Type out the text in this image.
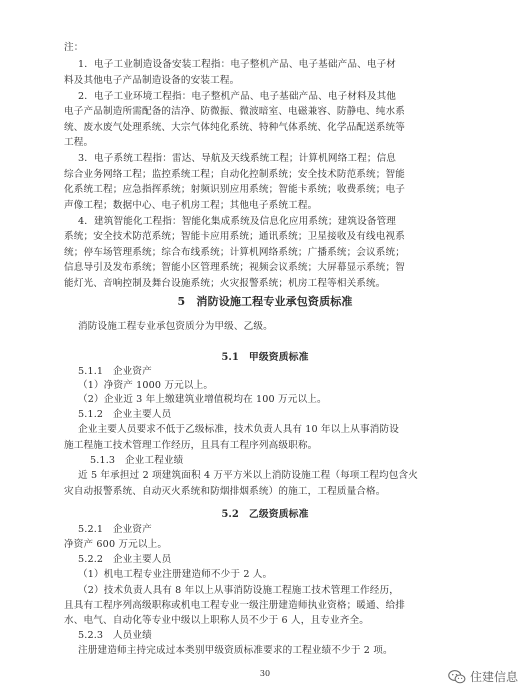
注：
1．电子工业制造设备安装工程指：电子整机产品、电子基础产品、电子材
料及其他电子产品制造设备的安装工程。
2．电子工业环境工程指：电子整机产品、电子基础产品、电子材料及其他
电子产品制造所需配备的洁净、防微振、微波暗室、电磁兼容、防静电、纯水系
统、废水废气处理系统、大宗气体纯化系统、特种气体系统、化学品配送系统等
工程。
3．电子系统工程指：雷达、导航及天线系统工程；计算机网络工程；信息
综合业务网络工程；监控系统工程；自动化控制系统；安全技术防范系统；智能
化系统工程；应急指挥系统；射频识别应用系统；智能卡系统；收费系统；电子
声像工程；数据中心、电子机房工程；其他电子系统工程。
4．建筑智能化工程指：智能化集成系统及信息化应用系统；建筑设备管理
系统；安全技术防范系统；智能卡应用系统；通讯系统；卫星接收及有线电视系
统；停车场管理系统；综合布线系统；计算机网络系统；广播系统；会议系统；
信息导引及发布系统；智能小区管理系统；视频会议系统；大屏幕显示系统；智
能灯光、音响控制及舞台设施系统；火灾报警系统；机房工程等相关系统。
5　消防设施工程专业承包资质标准
消防设施工程专业承包资质分为甲级、乙级。
5.1　甲级资质标准
5.1.1　企业资产
（1）净资产 1000 万元以上。
（2）企业近 3 年上缴建筑业增值税均在 100 万元以上。
5.1.2　企业主要人员
企业主要人员要求不低于乙级标准，技术负责人具有 10 年以上从事消防设
施工程施工技术管理工作经历，且具有工程序列高级职称。
5.1.3　企业工程业绩
近 5 年承担过 2 项建筑面积 4 万平方米以上消防设施工程（每项工程均包含火
灾自动报警系统、自动灭火系统和防烟排烟系统）的施工，工程质量合格。
5.2　乙级资质标准
5.2.1　企业资产
净资产 600 万元以上。
5.2.2　企业主要人员
（1）机电工程专业注册建造师不少于 2 人。
（2）技术负责人具有 8 年以上从事消防设施工程施工技术管理工作经历，
且具有工程序列高级职称或机电工程专业一级注册建造师执业资格；暖通、给排
水、电气、自动化等专业中级以上职称人员不少于 6 人，且专业齐全。
5.2.3　人员业绩
注册建造师主持完成过本类别甲级资质标准要求的工程业绩不少于 2 项。
30	住建信息
